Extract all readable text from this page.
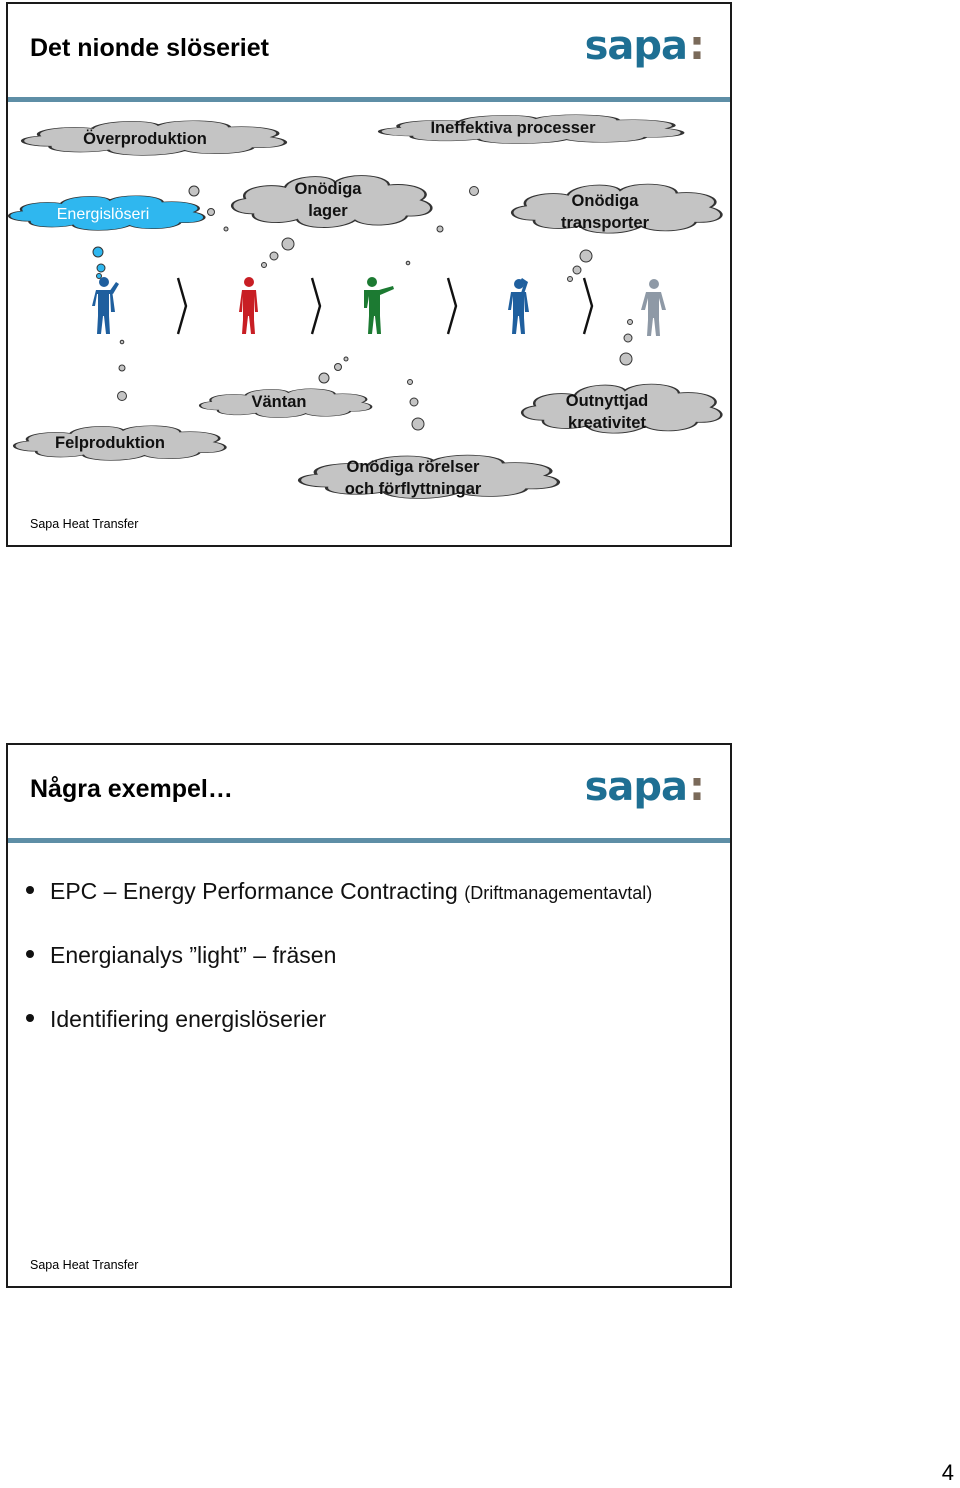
Det nionde slöseriet	sapa:
Överproduktion
Ineffektiva processer
Energislöseri
Onödiga
lager
Onödiga
transporter
Felproduktion
Väntan
Onödiga rörelser
och förflyttningar
Outnyttjad
kreativitet
Sapa Heat Transfer
Några exempel…	sapa:
EPC – Energy Performance Contracting (Driftmanagementavtal)
Energianalys ”light” – fräsen
Identifiering energislöserier
Sapa Heat Transfer
4
